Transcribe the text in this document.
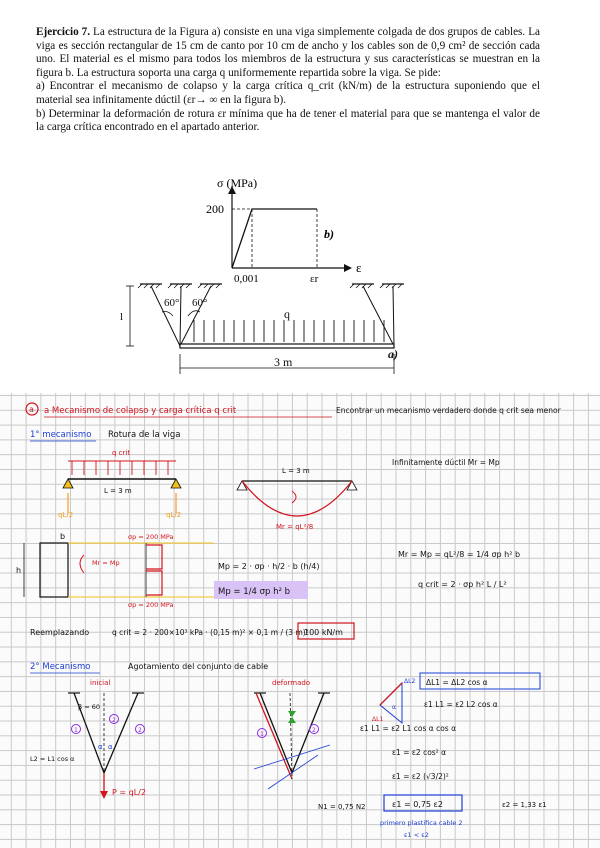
Ejercicio 7. La estructura de la Figura a) consiste en una viga simplemente colgada de dos grupos de cables. La viga es sección rectangular de 15 cm de canto por 10 cm de ancho y los cables son de 0,9 cm² de sección cada uno. El material es el mismo para todos los miembros de la estructura y sus características se muestran en la figura b. La estructura soporta una carga q uniformemente repartida sobre la viga. Se pide:

a) Encontrar el mecanismo de colapso y la carga crítica q_crit (kN/m) de la estructura suponiendo que el material sea infinitamente dúctil (εr→ ∞ en la figura b).

b) Determinar la deformación de rotura εr mínima que ha de tener el material para que se mantenga el valor de la carga crítica encontrado en el apartado anterior.

σ (MPa)
ε
200
0,001	εr
b)
60° 60°
l	q
3 m
a)
a a Mecanismo de colapso y carga crítica q crit	Encontrar un mecanismo verdadero donde q crit sea menor
1° mecanismo Rotura de la viga
q crit
L = 3 m
qL/2	qL/2
L = 3 m
Mr = qL²/8
Infinitamente dúctil Mr = Mp
b
h
Mr = Mp
σp = 200 MPa
σp = 200 MPa
Mp = 2 · σp · h/2 · b (h/4)
Mp = 1/4 σp h² b
Mr = Mp = qL²/8 = 1/4 σp h² b
q crit = 2 · σp h² L / L²
Reemplazando	q crit = 2 · 200×10³ kPa · (0,15 m)² × 0,1 m / (3 m)²
100 kN/m
2° Mecanismo	Agotamiento del conjunto de cable
inicial
β = 60
1
2
2
α α
L2 = L1 cos α
P = qL/2
deformado
1
2
ΔL1
ΔL2
α
ΔL1 = ΔL2 cos α
ε1 L1 = ε2 L2 cos α
ε1 L1 = ε2 L1 cos α cos α
ε1 = ε2 cos² α
ε1 = ε2 (√3/2)²
ε1 = 0,75 ε2	ε2 = 1,33 ε1
N1 = 0,75 N2
primero plastifica cable 2
ε1 < ε2
